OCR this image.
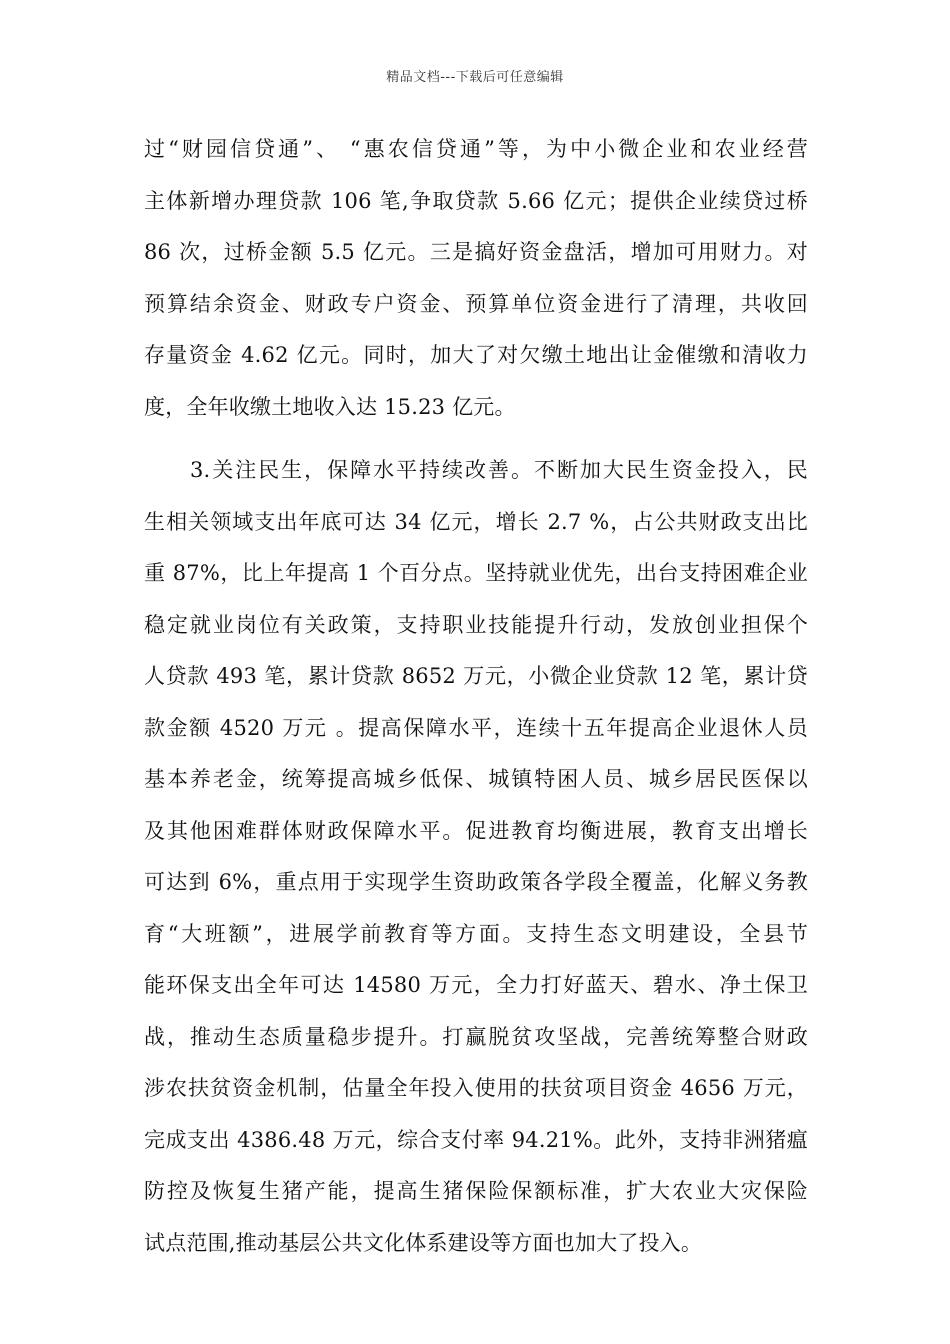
精品文档---下载后可任意编辑
过“财园信贷通”、 “惠农信贷通”等，为中小微企业和农业经营
主体新增办理贷款 106 笔,争取贷款 5.66 亿元；提供企业续贷过桥
86 次，过桥金额 5.5 亿元。三是搞好资金盘活，增加可用财力。对
预算结余资金、财政专户资金、预算单位资金进行了清理，共收回
存量资金 4.62 亿元。同时，加大了对欠缴土地出让金催缴和清收力
度，全年收缴土地收入达 15.23 亿元。
3.关注民生，保障水平持续改善。不断加大民生资金投入，民
生相关领域支出年底可达 34 亿元，增长 2.7 %，占公共财政支出比
重 87%，比上年提高 1 个百分点。坚持就业优先，出台支持困难企业
稳定就业岗位有关政策，支持职业技能提升行动，发放创业担保个
人贷款 493 笔，累计贷款 8652 万元，小微企业贷款 12 笔，累计贷
款金额 4520 万元 。提高保障水平，连续十五年提高企业退休人员
基本养老金，统筹提高城乡低保、城镇特困人员、城乡居民医保以
及其他困难群体财政保障水平。促进教育均衡进展，教育支出增长
可达到 6%，重点用于实现学生资助政策各学段全覆盖，化解义务教
育“大班额”，进展学前教育等方面。支持生态文明建设，全县节
能环保支出全年可达 14580 万元，全力打好蓝天、碧水、净土保卫
战，推动生态质量稳步提升。打赢脱贫攻坚战，完善统筹整合财政
涉农扶贫资金机制，估量全年投入使用的扶贫项目资金 4656 万元，
完成支出 4386.48 万元，综合支付率 94.21%。此外，支持非洲猪瘟
防控及恢复生猪产能，提高生猪保险保额标准，扩大农业大灾保险
试点范围,推动基层公共文化体系建设等方面也加大了投入。
